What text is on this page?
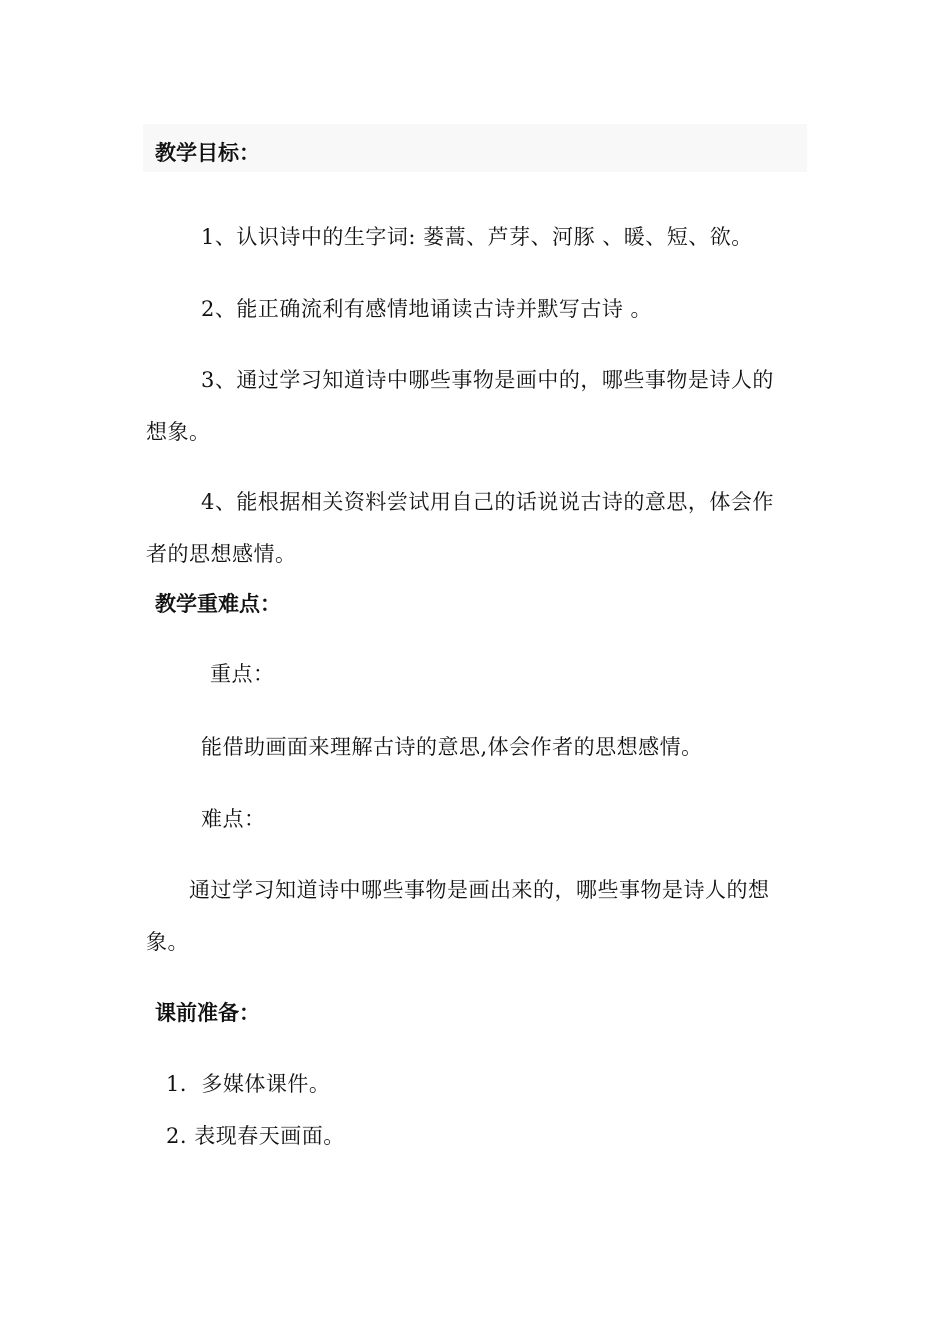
教学目标：
1、认识诗中的生字词: 蒌蒿、芦芽、河豚 、暖、短、欲。
2、能正确流利有感情地诵读古诗并默写古诗 。
3、通过学习知道诗中哪些事物是画中的，哪些事物是诗人的
想象。
4、能根据相关资料尝试用自己的话说说古诗的意思，体会作
者的思想感情。
教学重难点：
重点：
能借助画面来理解古诗的意思,体会作者的思想感情。
难点：
通过学习知道诗中哪些事物是画出来的，哪些事物是诗人的想
象。
课前准备：
1．多媒体课件。
2. 表现春天画面。
